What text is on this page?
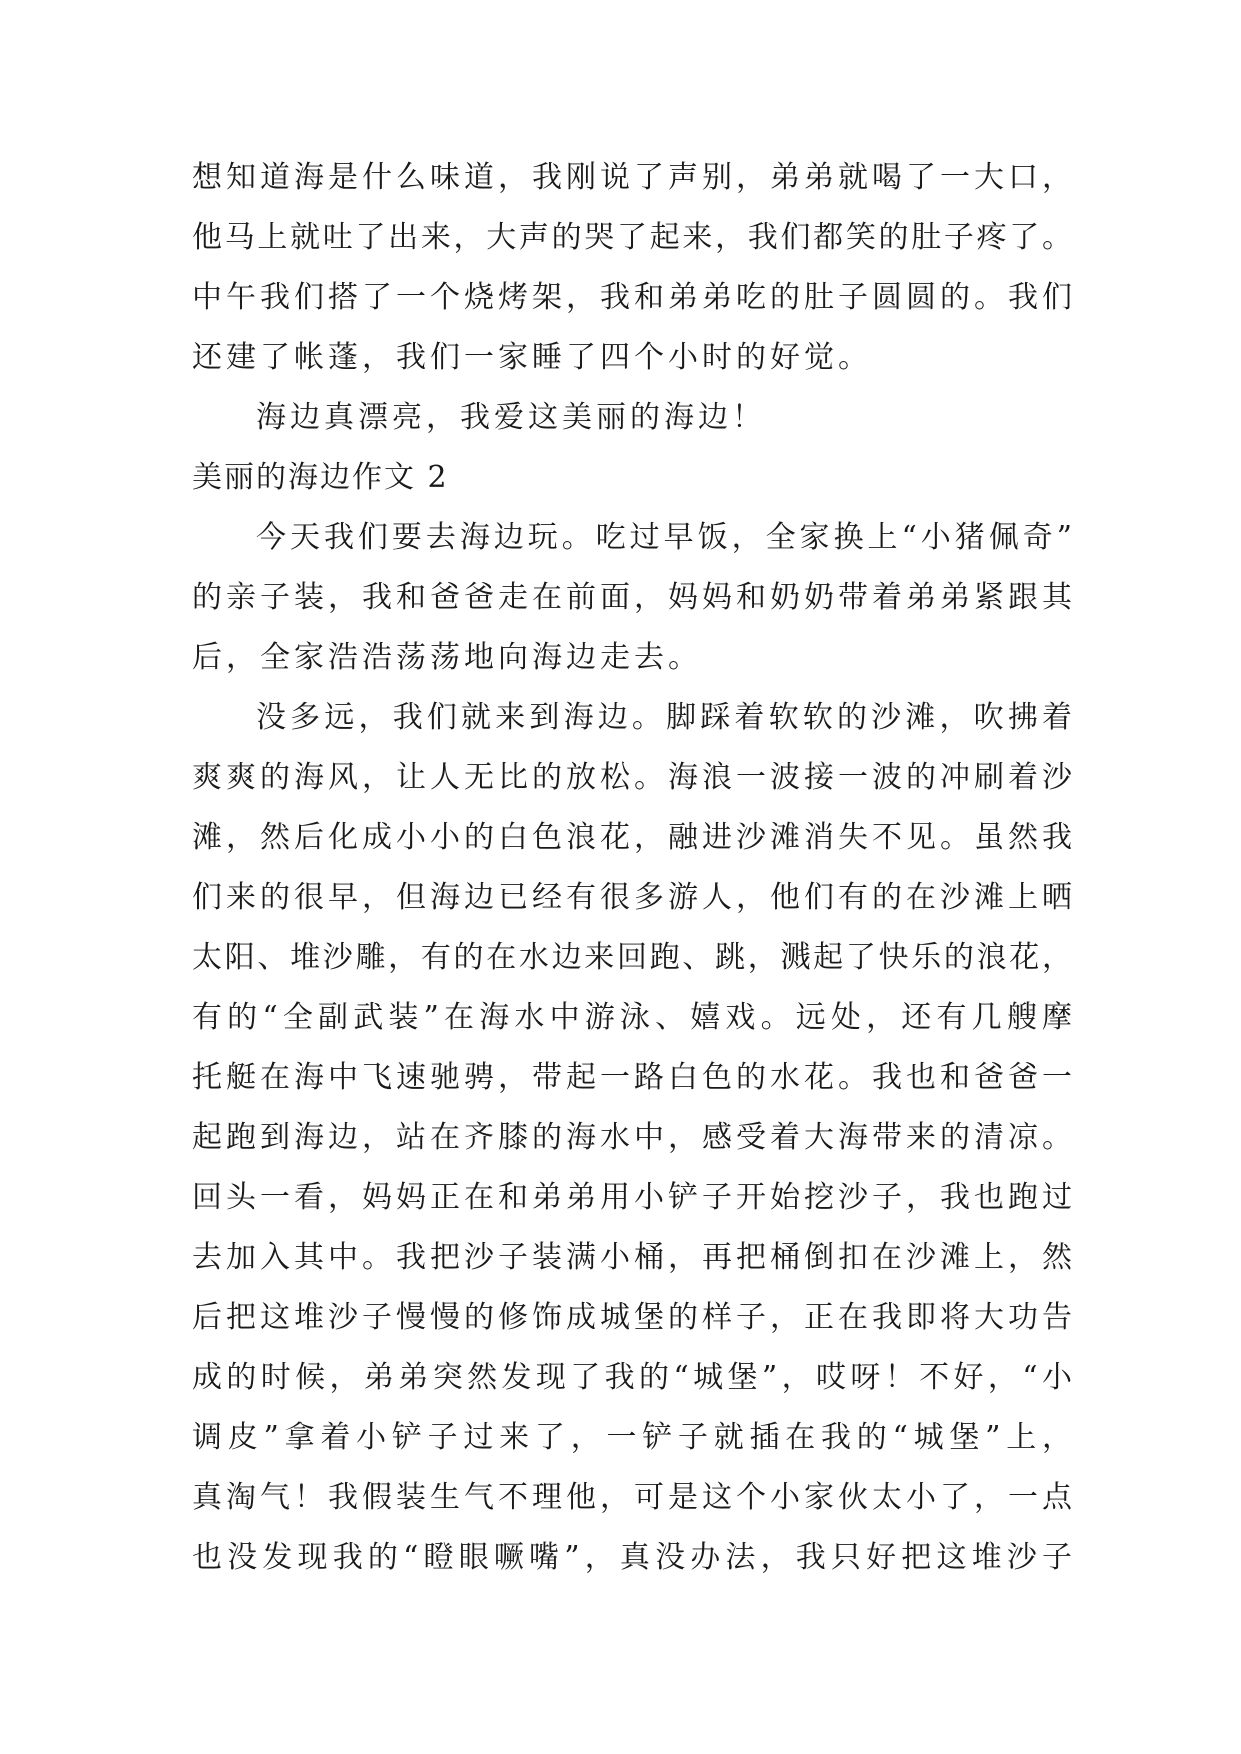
想知道海是什么味道，我刚说了声别，弟弟就喝了一大口，
他马上就吐了出来，大声的哭了起来，我们都笑的肚子疼了。
中午我们搭了一个烧烤架，我和弟弟吃的肚子圆圆的。我们
还建了帐蓬，我们一家睡了四个小时的好觉。

海边真漂亮，我爱这美丽的海边！

美丽的海边作文 2

今天我们要去海边玩。吃过早饭，全家换上“小猪佩奇”
的亲子装，我和爸爸走在前面，妈妈和奶奶带着弟弟紧跟其
后，全家浩浩荡荡地向海边走去。

没多远，我们就来到海边。脚踩着软软的沙滩，吹拂着
爽爽的海风，让人无比的放松。海浪一波接一波的冲刷着沙
滩，然后化成小小的白色浪花，融进沙滩消失不见。虽然我
们来的很早，但海边已经有很多游人，他们有的在沙滩上晒
太阳、堆沙雕，有的在水边来回跑、跳，溅起了快乐的浪花，
有的“全副武装”在海水中游泳、嬉戏。远处，还有几艘摩
托艇在海中飞速驰骋，带起一路白色的水花。我也和爸爸一
起跑到海边，站在齐膝的海水中，感受着大海带来的清凉。
回头一看，妈妈正在和弟弟用小铲子开始挖沙子，我也跑过
去加入其中。我把沙子装满小桶，再把桶倒扣在沙滩上，然
后把这堆沙子慢慢的修饰成城堡的样子，正在我即将大功告
成的时候，弟弟突然发现了我的“城堡”，哎呀！不好，“小
调皮”拿着小铲子过来了，一铲子就插在我的“城堡”上，
真淘气！我假装生气不理他，可是这个小家伙太小了，一点
也没发现我的“瞪眼噘嘴”，真没办法，我只好把这堆沙子
